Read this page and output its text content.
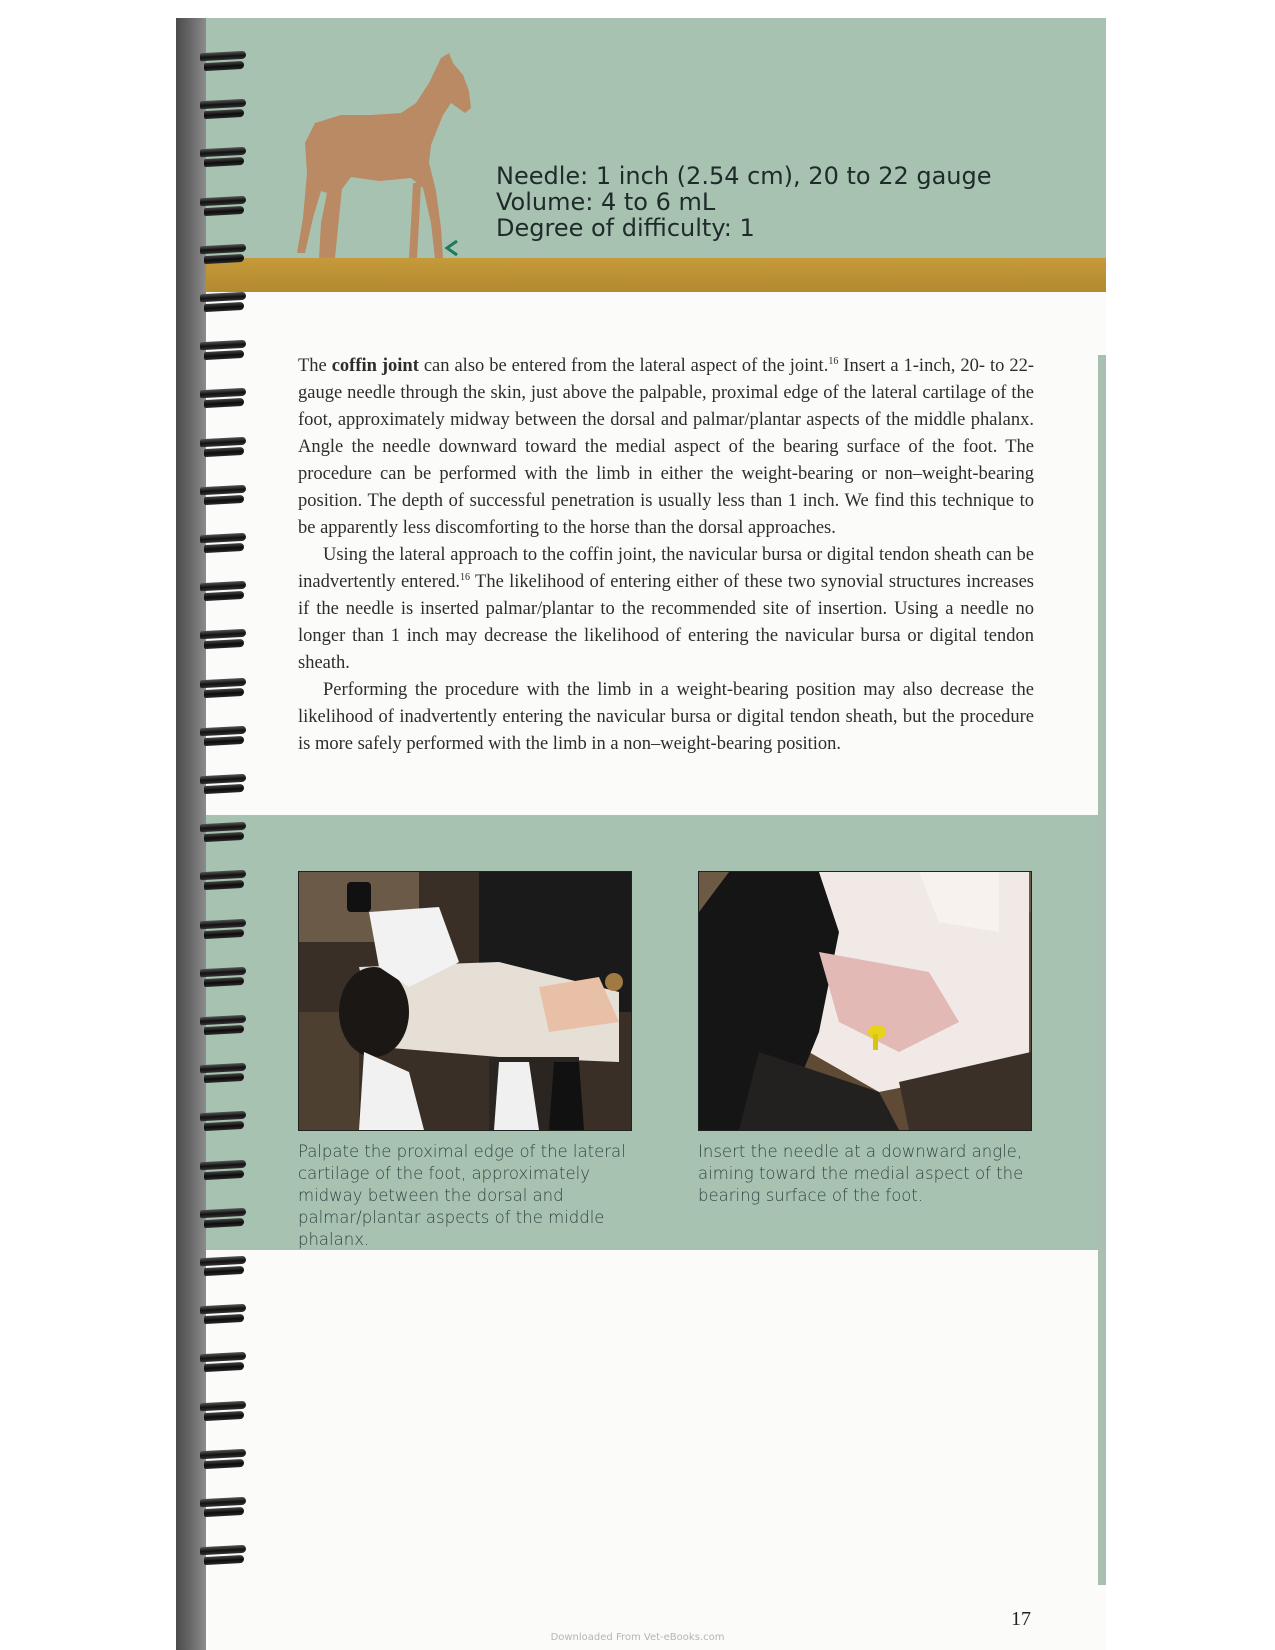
Needle: 1 inch (2.54 cm), 20 to 22 gauge
Volume: 4 to 6 mL
Degree of difficulty: 1

The coffin joint can also be entered from the lateral aspect of the joint.$^{16}$ Insert a 1-inch, 20- to 22-gauge needle through the skin, just above the palpable, proximal edge of the lateral cartilage of the foot, approximately midway between the dorsal and palmar/plantar aspects of the middle phalanx. Angle the needle downward toward the medial aspect of the bearing surface of the foot. The procedure can be performed with the limb in either the weight-bearing or non–weight-bearing position. The depth of successful penetration is usually less than 1 inch. We find this technique to be apparently less discomforting to the horse than the dorsal approaches.

Using the lateral approach to the coffin joint, the navicular bursa or digital tendon sheath can be inadvertently entered.$^{16}$ The likelihood of entering either of these two synovial structures increases if the needle is inserted palmar/plantar to the recommended site of insertion. Using a needle no longer than 1 inch may decrease the likelihood of entering the navicular bursa or digital tendon sheath.

Performing the procedure with the limb in a weight-bearing position may also decrease the likelihood of inadvertently entering the navicular bursa or digital tendon sheath, but the procedure is more safely performed with the limb in a non–weight-bearing position.

Palpate the proximal edge of the lateral cartilage of the foot, approximately midway between the dorsal and palmar/plantar aspects of the middle phalanx.
Insert the needle at a downward angle, aiming toward the medial aspect of the bearing surface of the foot.
17
Downloaded From Vet-eBooks.com
